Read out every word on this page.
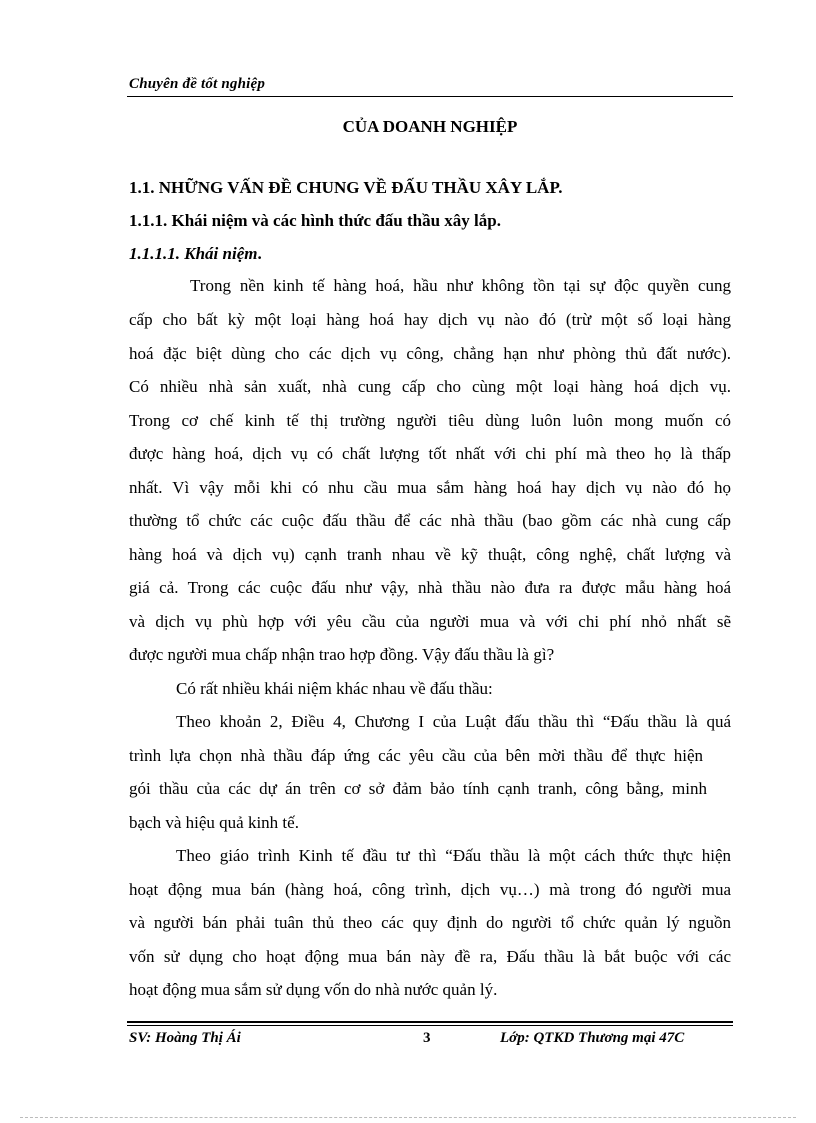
Chuyên đề tốt nghiệp
CỦA DOANH NGHIỆP
1.1. NHỮNG VẤN ĐỀ CHUNG VỀ ĐẤU THẦU XÂY LẮP.
1.1.1. Khái niệm và các hình thức đấu thầu xây lắp.
1.1.1.1. Khái niệm.
Trong nền kinh tế hàng hoá, hầu như không tồn tại sự độc quyền cung
cấp cho bất kỳ một loại hàng hoá hay dịch vụ nào đó (trừ một số loại hàng
hoá đặc biệt dùng cho các dịch vụ công, chẳng hạn như phòng thủ đất nước).
Có nhiều nhà sản xuất, nhà cung cấp cho cùng một loại hàng hoá dịch vụ.
Trong cơ chế kinh tế thị trường người tiêu dùng luôn luôn mong muốn có
được hàng hoá, dịch vụ có chất lượng tốt nhất với chi phí mà theo họ là thấp
nhất. Vì vậy mỗi khi có nhu cầu mua sắm hàng hoá hay dịch vụ nào đó họ
thường tổ chức các cuộc đấu thầu để các nhà thầu (bao gồm các nhà cung cấp
hàng hoá và dịch vụ) cạnh tranh nhau về kỹ thuật, công nghệ, chất lượng và
giá cả. Trong các cuộc đấu như vậy, nhà thầu nào đưa ra được mẫu hàng hoá
và dịch vụ phù hợp với yêu cầu của người mua và với chi phí nhỏ nhất sẽ
được người mua chấp nhận trao hợp đồng. Vậy đấu thầu là gì?
Có rất nhiều khái niệm khác nhau về đấu thầu:
Theo khoản 2, Điều 4, Chương I của Luật đấu thầu thì “Đấu thầu là quá
trình lựa chọn nhà thầu đáp ứng các yêu cầu của bên mời thầu để thực hiện
gói thầu của các dự án trên cơ sở đảm bảo tính cạnh tranh, công bằng, minh
bạch và hiệu quả kinh tế.
Theo giáo trình Kinh tế đầu tư thì “Đấu thầu là một cách thức thực hiện
hoạt động mua bán (hàng hoá, công trình, dịch vụ…) mà trong đó người mua
và người bán phải tuân thủ theo các quy định do người tổ chức quản lý nguồn
vốn sử dụng cho hoạt động mua bán này đề ra, Đấu thầu là bắt buộc với các
hoạt động mua sắm sử dụng vốn do nhà nước quản lý.
SV: Hoàng Thị Ái	3	Lớp: QTKD Thương mại 47C
